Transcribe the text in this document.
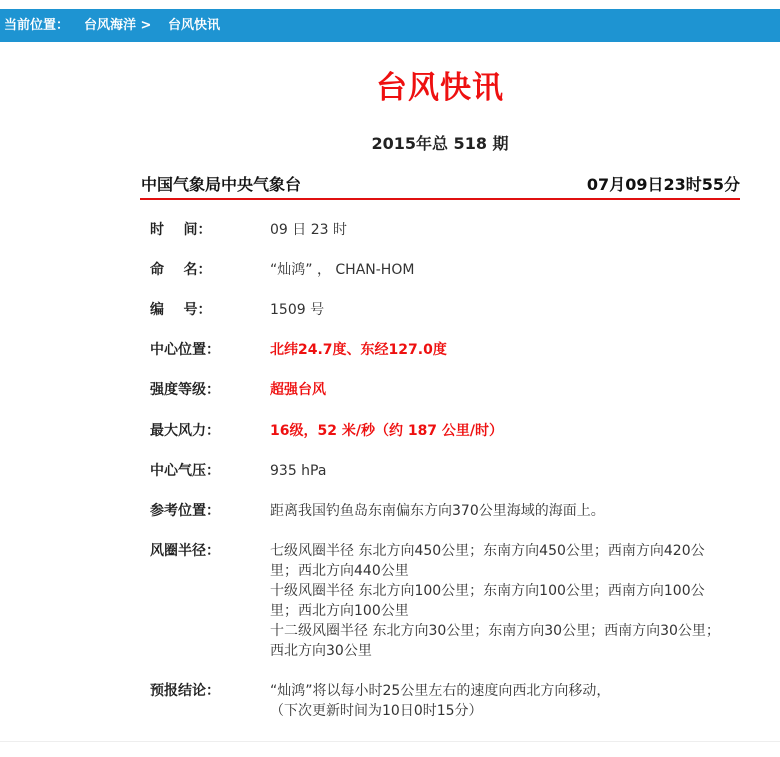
当前位置： 台风海洋 > 台风快讯
台风快讯
2015年总 518 期
中国气象局中央气象台	07月09日23时55分
时    间：	09 日 23 时
命    名：	“灿鸿” ， CHAN-HOM
编    号：	1509 号
中心位置：	北纬24.7度、东经127.0度
强度等级：	超强台风
最大风力：	16级，52 米/秒（约 187 公里/时）
中心气压：	935 hPa
参考位置：	距离我国钓鱼岛东南偏东方向370公里海域的海面上。
风圈半径：	七级风圈半径 东北方向450公里；东南方向450公里；西南方向420公里；西北方向440公里
十级风圈半径 东北方向100公里；东南方向100公里；西南方向100公里；西北方向100公里
十二级风圈半径 东北方向30公里；东南方向30公里；西南方向30公里；西北方向30公里
预报结论：	“灿鸿”将以每小时25公里左右的速度向西北方向移动，
（下次更新时间为10日0时15分）
